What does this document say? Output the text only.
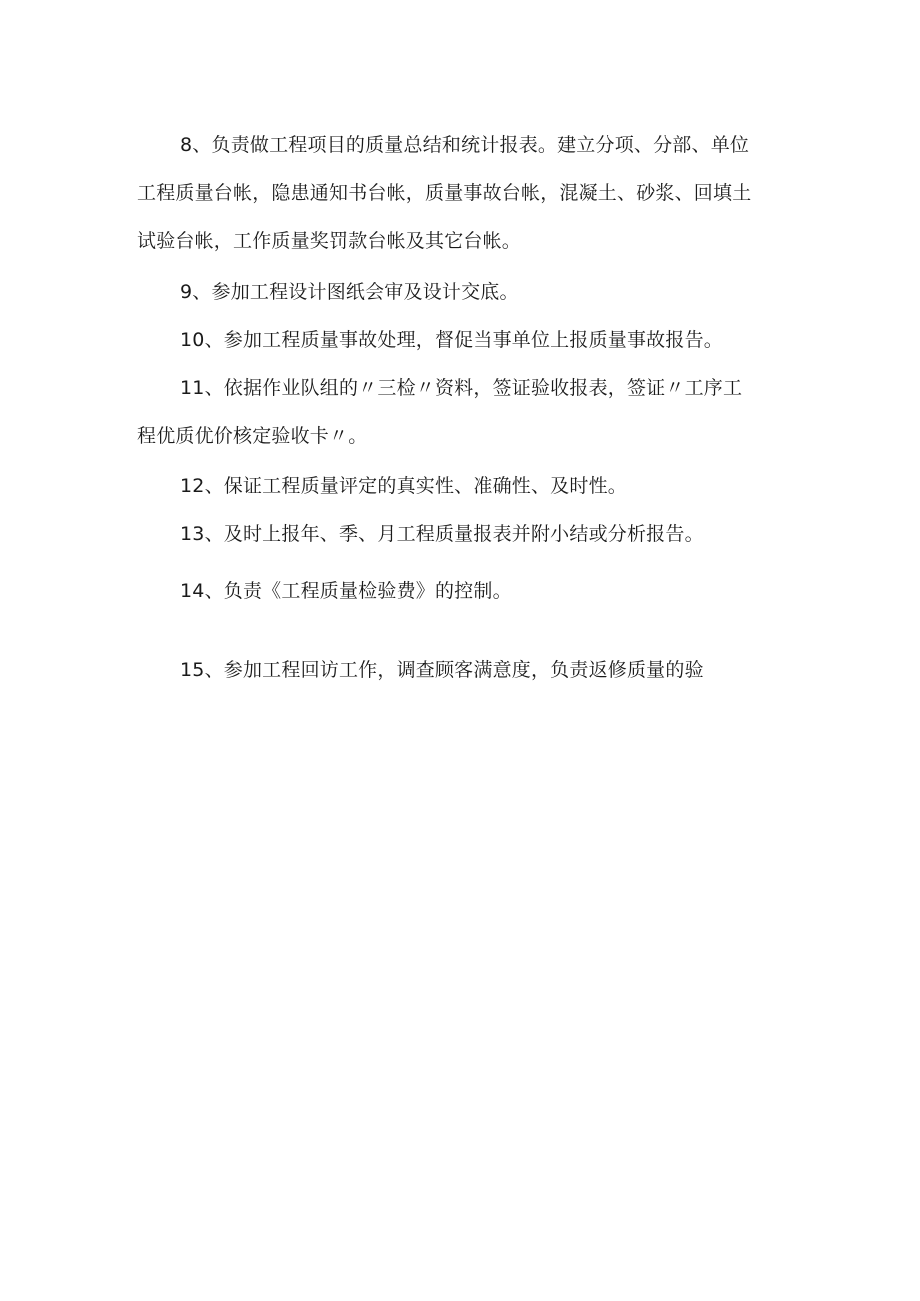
8、负责做工程项目的质量总结和统计报表。建立分项、分部、单位
工程质量台帐，隐患通知书台帐，质量事故台帐，混凝土、砂浆、回填土
试验台帐，工作质量奖罚款台帐及其它台帐。
9、参加工程设计图纸会审及设计交底。
10、参加工程质量事故处理，督促当事单位上报质量事故报告。
11、依据作业队组的〃三检〃资料，签证验收报表，签证〃工序工
程优质优价核定验收卡〃。
12、保证工程质量评定的真实性、准确性、及时性。
13、及时上报年、季、月工程质量报表并附小结或分析报告。
14、负责《工程质量检验费》的控制。
15、参加工程回访工作，调查顾客满意度，负责返修质量的验
